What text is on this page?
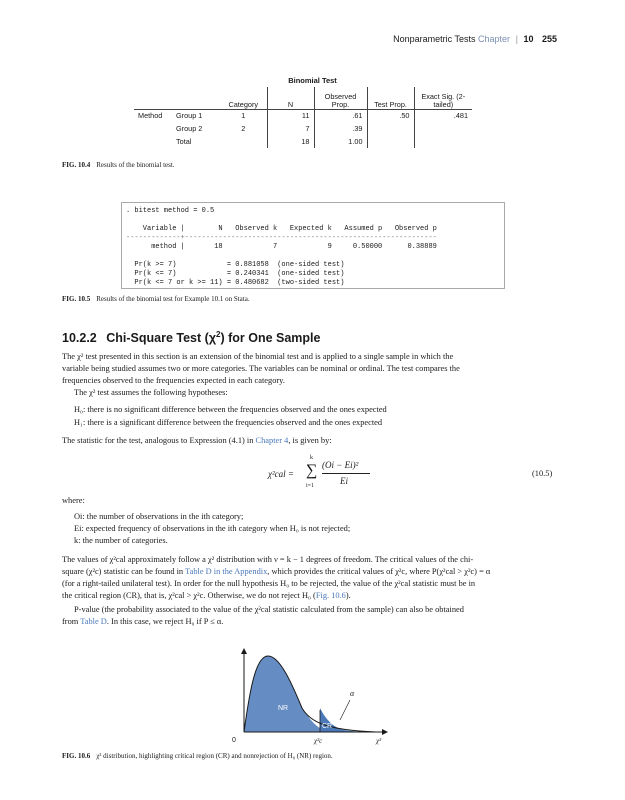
Nonparametric Tests Chapter | 10 255
Binomial Test
		Category	N	Observed
Prop.	Test Prop.	Exact Sig. (2-
tailed)
Method	Group 1	1	11	.61	.50	.481
	Group 2	2	7	.39		
	Total		18	1.00		
FIG. 10.4 Results of the binomial test.
. bitest method = 0.5
Variable |        N   Observed k   Expected k   Assumed p   Observed p
-------------+------------------------------------------------------------
method |       18            7            9     0.50000      0.38889
Pr(k >= 7)            = 0.881058  (one-sided test)
Pr(k <= 7)            = 0.240341  (one-sided test)
Pr(k <= 7 or k >= 11) = 0.480682  (two-sided test)
FIG. 10.5 Results of the binomial test for Example 10.1 on Stata.
10.2.2 Chi-Square Test $(\chi^2)$ for One Sample
The χ² test presented in this section is an extension of the binomial test and is applied to a single sample in which the
variable being studied assumes two or more categories. The variables can be nominal or ordinal. The test compares the
frequencies observed to the frequencies expected in each category.
The χ² test assumes the following hypotheses:
H₀: there is no significant difference between the frequencies observed and the ones expected
H₁: there is a significant difference between the frequencies observed and the ones expected
The statistic for the test, analogous to Expression (4.1) in Chapter 4, is given by:
χ²cal =
k
∑
i=1
(Oi − Ei)²
Ei
(10.5)
where:
Oi: the number of observations in the ith category;
Ei: expected frequency of observations in the ith category when H₀ is not rejected;
k: the number of categories.
The values of χ²cal approximately follow a χ² distribution with ν = k − 1 degrees of freedom. The critical values of the chi-
square (χ²c) statistic can be found in Table D in the Appendix, which provides the critical values of χ²c, where P(χ²cal > χ²c) = α
(for a right-tailed unilateral test). In order for the null hypothesis H₀ to be rejected, the value of the χ²cal statistic must be in
the critical region (CR), that is, χ²cal > χ²c. Otherwise, we do not reject H₀ (Fig. 10.6).
P-value (the probability associated to the value of the χ²cal statistic calculated from the sample) can also be obtained
from Table D. In this case, we reject H₀ if P ≤ α.
NR
CR
α
0	χ²c	χ²
FIG. 10.6 χ² distribution, highlighting critical region (CR) and nonrejection of H₀ (NR) region.
